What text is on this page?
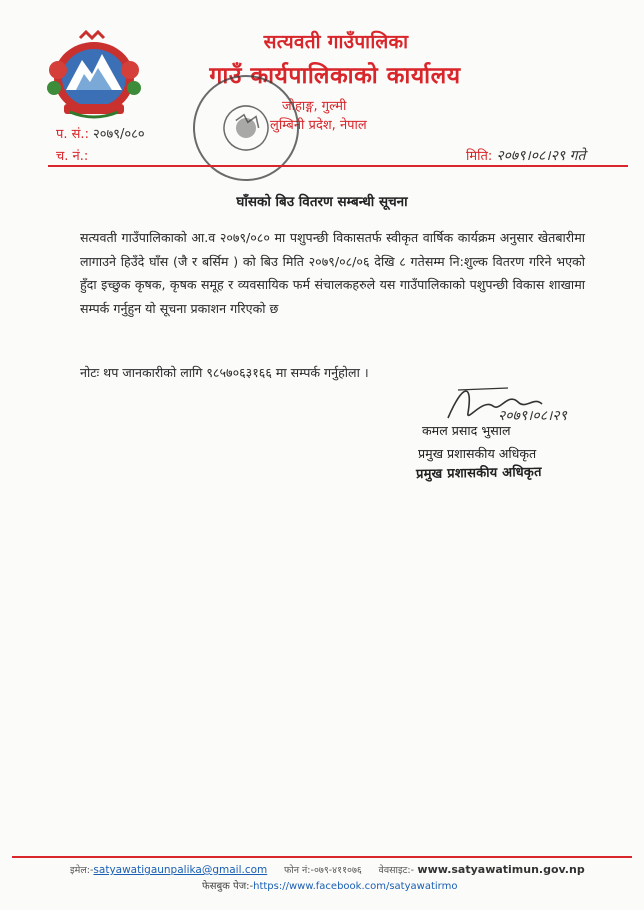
सत्यवती गाउँपालिका
गाउँ कार्यपालिकाको कार्यालय
जोहाङ्ग, गुल्मी
लुम्बिनी प्रदेश, नेपाल
प. सं.: २०७९/०८०
च. नं.:	मिति: २०७९।०८।२९ गते
घाँसको बिउ वितरण सम्बन्धी सूचना
सत्यवती गाउँपालिकाको आ.व २०७९/०८० मा पशुपन्छी विकासतर्फ स्वीकृत वार्षिक कार्यक्रम अनुसार खेतबारीमा लागाउने हिउँदे घाँस (जै र बर्सिम ) को बिउ मिति २०७९/०८/०६ देखि ८ गतेसम्म नि:शुल्क वितरण गरिने भएको हुँदा इच्छुक कृषक, कृषक समूह र व्यवसायिक फर्म संचालकहरुले यस गाउँपालिकाको पशुपन्छी विकास शाखामा सम्पर्क गर्नुहुन यो सूचना प्रकाशन गरिएको छ
नोटः थप जानकारीको लागि ९८५७०६३१६६ मा सम्पर्क गर्नुहोला ।
२०७९।०८।२९
कमल प्रसाद भुसाल
प्रमुख प्रशासकीय अधिकृत
प्रमुख प्रशासकीय अधिकृत
इमेल:-satyawatigaunpalika@gmail.com फोन नं:-०७९-४११०७६ वेवसाइट:- www.satyawatimun.gov.np
फेसबुक पेज:-https://www.facebook.com/satyawatirmo
